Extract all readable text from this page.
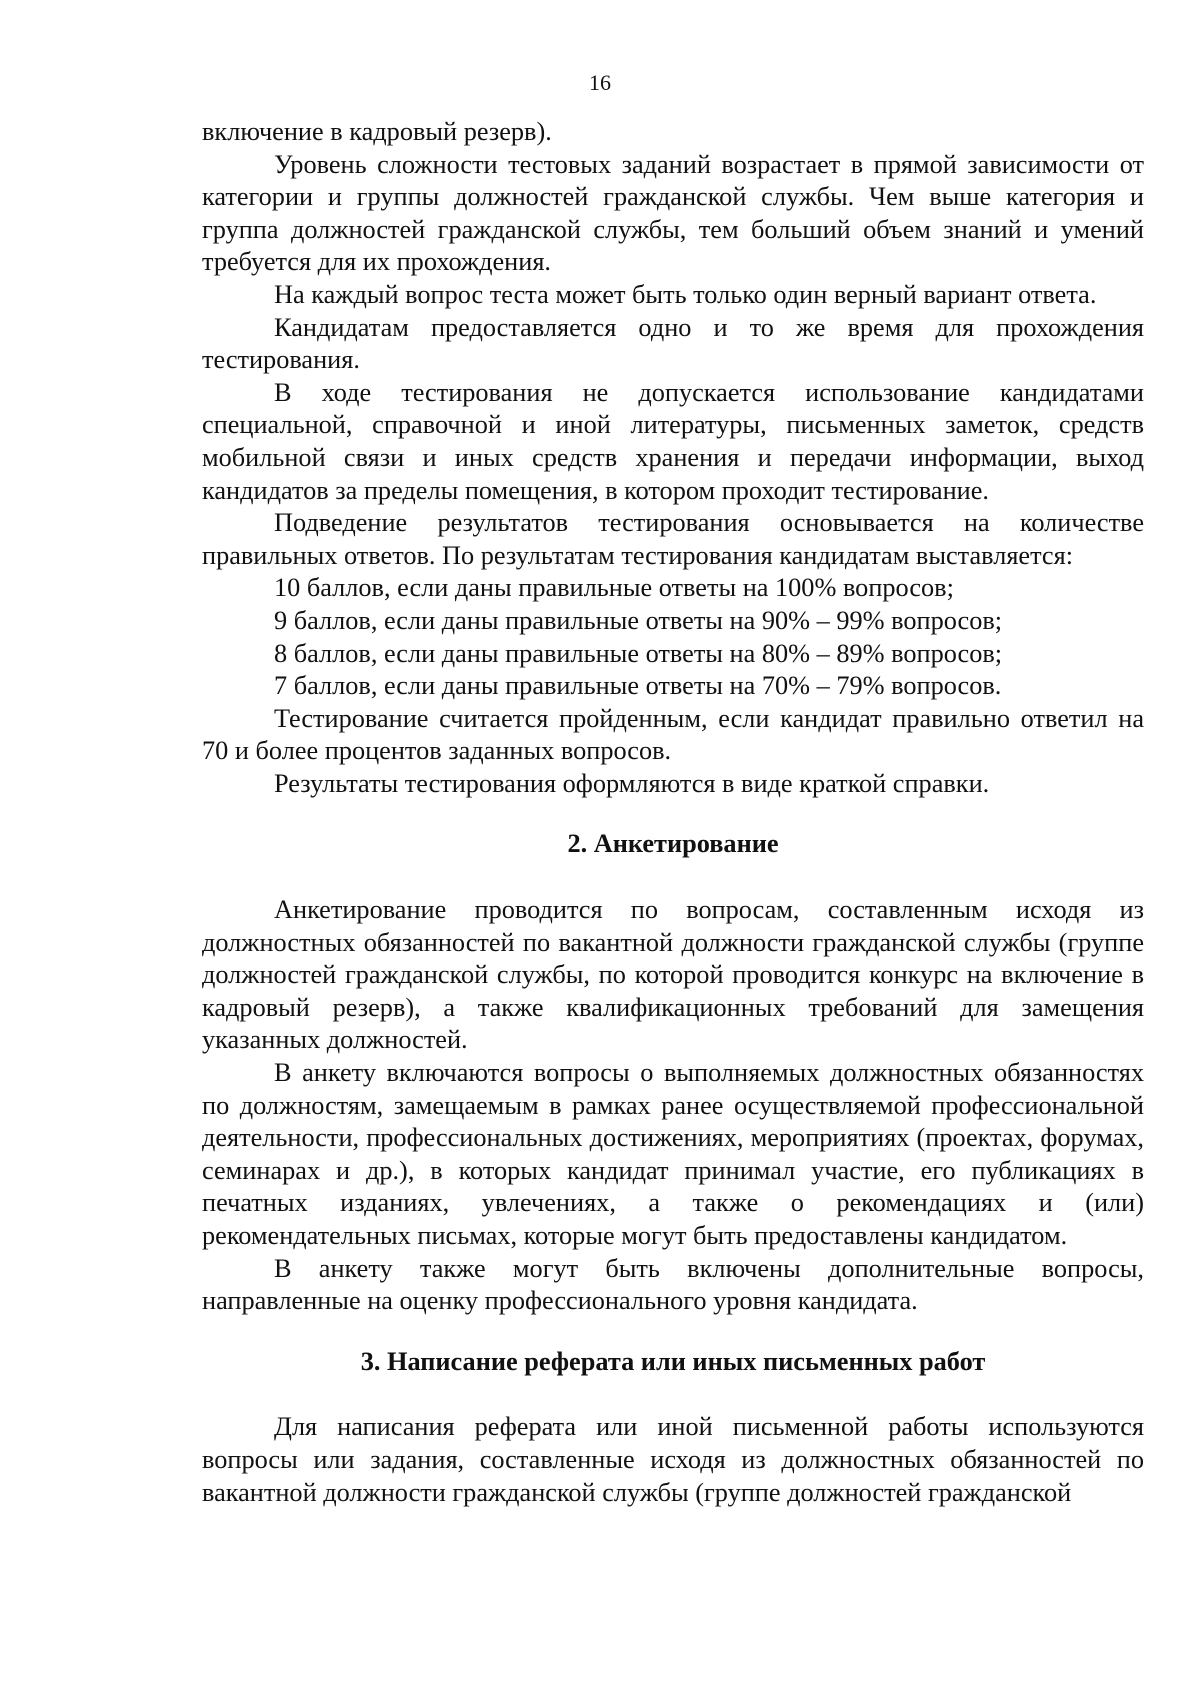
16

включение в кадровый резерв).

Уровень сложности тестовых заданий возрастает в прямой зависимости от категории и группы должностей гражданской службы. Чем выше категория и группа должностей гражданской службы, тем больший объем знаний и умений требуется для их прохождения.

На каждый вопрос теста может быть только один верный вариант ответа.

Кандидатам предоставляется одно и то же время для прохождения тестирования.

В ходе тестирования не допускается использование кандидатами специальной, справочной и иной литературы, письменных заметок, средств мобильной связи и иных средств хранения и передачи информации, выход кандидатов за пределы помещения, в котором проходит тестирование.

Подведение результатов тестирования основывается на количестве правильных ответов. По результатам тестирования кандидатам выставляется:

10 баллов, если даны правильные ответы на 100% вопросов;

9 баллов, если даны правильные ответы на 90% – 99% вопросов;

8 баллов, если даны правильные ответы на 80% – 89% вопросов;

7 баллов, если даны правильные ответы на 70% – 79% вопросов.

Тестирование считается пройденным, если кандидат правильно ответил на 70 и более процентов заданных вопросов.

Результаты тестирования оформляются в виде краткой справки.

2. Анкетирование

Анкетирование проводится по вопросам, составленным исходя из должностных обязанностей по вакантной должности гражданской службы (группе должностей гражданской службы, по которой проводится конкурс на включение в кадровый резерв), а также квалификационных требований для замещения указанных должностей.

В анкету включаются вопросы о выполняемых должностных обязанностях по должностям, замещаемым в рамках ранее осуществляемой профессиональной деятельности, профессиональных достижениях, мероприятиях (проектах, форумах, семинарах и др.), в которых кандидат принимал участие, его публикациях в печатных изданиях, увлечениях, а также о рекомендациях и (или) рекомендательных письмах, которые могут быть предоставлены кандидатом.

В анкету также могут быть включены дополнительные вопросы, направленные на оценку профессионального уровня кандидата.

3. Написание реферата или иных письменных работ

Для написания реферата или иной письменной работы используются вопросы или задания, составленные исходя из должностных обязанностей по вакантной должности гражданской службы (группе должностей гражданской
